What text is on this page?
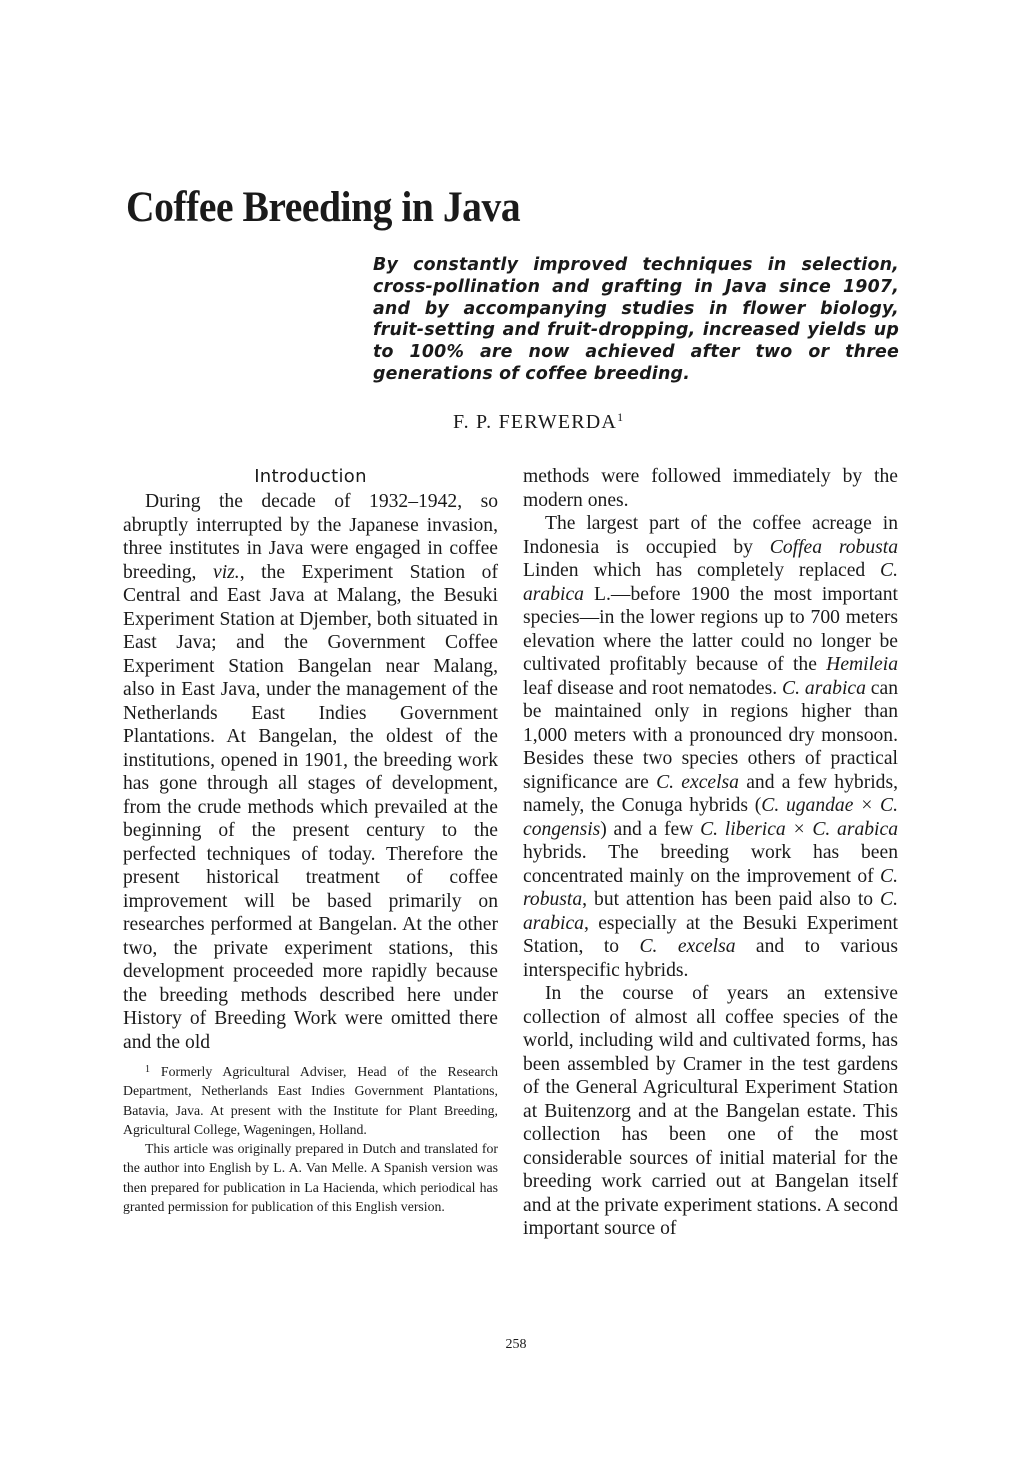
Coffee Breeding in Java

By constantly improved techniques in selection, cross-pollination and grafting in Java since 1907, and by accompanying studies in flower biology, fruit-setting and fruit-dropping, increased yields up to 100% are now achieved after two or three generations of coffee breeding.

F. P. FERWERDA$^1$
Introduction

During the decade of 1932–1942, so abruptly interrupted by the Japanese invasion, three institutes in Java were engaged in coffee breeding, viz., the Experiment Station of Central and East Java at Malang, the Besuki Experiment Station at Djember, both situated in East Java; and the Government Coffee Experiment Station Bangelan near Malang, also in East Java, under the management of the Netherlands East Indies Government Plantations. At Bangelan, the oldest of the institutions, opened in 1901, the breeding work has gone through all stages of development, from the crude methods which prevailed at the beginning of the present century to the perfected techniques of today. Therefore the present historical treatment of coffee improvement will be based primarily on researches performed at Bangelan. At the other two, the private experiment stations, this development proceeded more rapidly because the breeding methods described here under History of Breeding Work were omitted there and the old

$^1$ Formerly Agricultural Adviser, Head of the Research Department, Netherlands East Indies Government Plantations, Batavia, Java. At present with the Institute for Plant Breeding, Agricultural College, Wageningen, Holland.

This article was originally prepared in Dutch and translated for the author into English by L. A. Van Melle. A Spanish version was then prepared for publication in La Hacienda, which periodical has granted permission for publication of this English version.

methods were followed immediately by the modern ones.

The largest part of the coffee acreage in Indonesia is occupied by Coffea robusta Linden which has completely replaced C. arabica L.—before 1900 the most important species—in the lower regions up to 700 meters elevation where the latter could no longer be cultivated profitably because of the Hemileia leaf disease and root nematodes. C. arabica can be maintained only in regions higher than 1,000 meters with a pronounced dry monsoon. Besides these two species others of practical significance are C. excelsa and a few hybrids, namely, the Conuga hybrids (C. ugandae × C. congensis) and a few C. liberica × C. arabica hybrids. The breeding work has been concentrated mainly on the improvement of C. robusta, but attention has been paid also to C. arabica, especially at the Besuki Experiment Station, to C. excelsa and to various interspecific hybrids.

In the course of years an extensive collection of almost all coffee species of the world, including wild and cultivated forms, has been assembled by Cramer in the test gardens of the General Agricultural Experiment Station at Buitenzorg and at the Bangelan estate. This collection has been one of the most considerable sources of initial material for the breeding work carried out at Bangelan itself and at the private experiment stations. A second important source of

258
